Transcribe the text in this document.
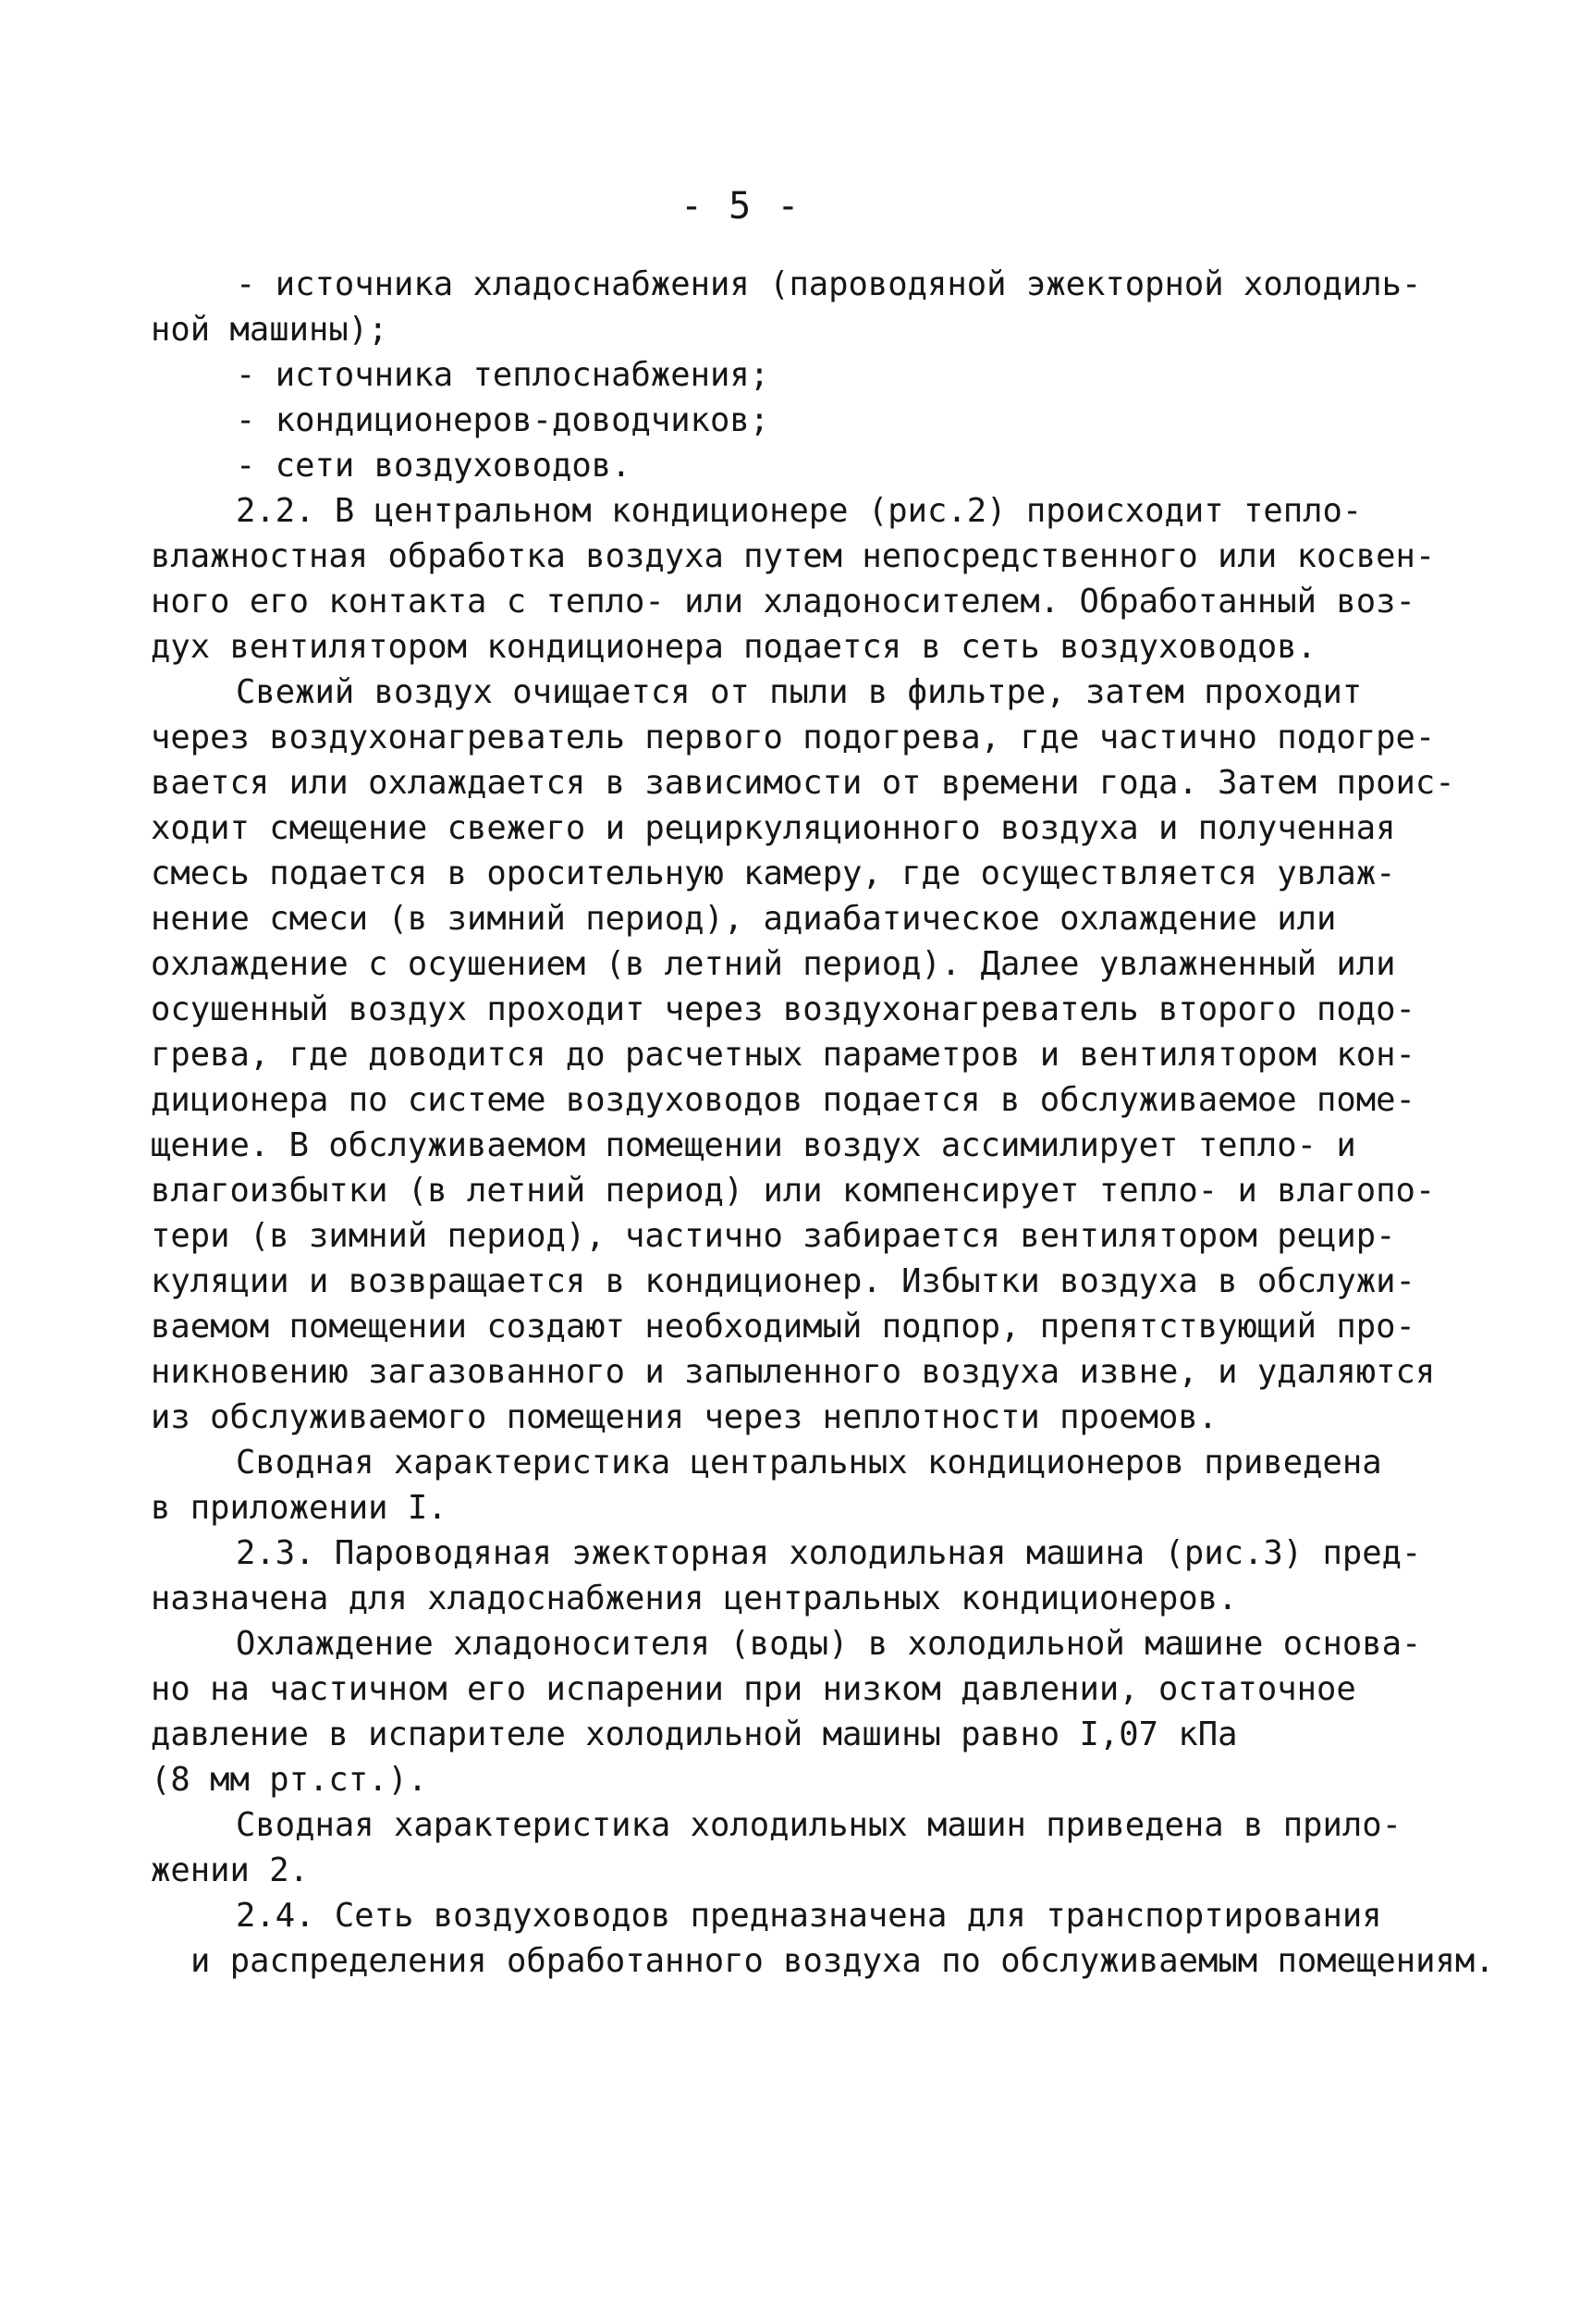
- 5 -
- источника хладоснабжения (пароводяной эжекторной холодиль-
ной машины);
- источника теплоснабжения;
- кондиционеров-доводчиков;
- сети воздуховодов.
2.2. В центральном кондиционере (рис.2) происходит тепло-
влажностная обработка воздуха путем непосредственного или косвен-
ного его контакта с тепло- или хладоносителем. Обработанный воз-
дух вентилятором кондиционера подается в сеть воздуховодов.
Свежий воздух очищается от пыли в фильтре, затем проходит
через воздухонагреватель первого подогрева, где частично подогре-
вается или охлаждается в зависимости от времени года. Затем проис-
ходит смещение свежего и рециркуляционного воздуха и полученная
смесь подается в оросительную камеру, где осуществляется увлаж-
нение смеси (в зимний период), адиабатическое охлаждение или
охлаждение с осушением (в летний период). Далее увлажненный или
осушенный воздух проходит через воздухонагреватель второго подо-
грева, где доводится до расчетных параметров и вентилятором кон-
диционера по системе воздуховодов подается в обслуживаемое поме-
щение. В обслуживаемом помещении воздух ассимилирует тепло- и
влагоизбытки (в летний период) или компенсирует тепло- и влагопо-
тери (в зимний период), частично забирается вентилятором рецир-
куляции и возвращается в кондиционер. Избытки воздуха в обслужи-
ваемом помещении создают необходимый подпор, препятствующий про-
никновению загазованного и запыленного воздуха извне, и удаляются
из обслуживаемого помещения через неплотности проемов.
Сводная характеристика центральных кондиционеров приведена
в приложении I.
2.3. Пароводяная эжекторная холодильная машина (рис.3) пред-
назначена для хладоснабжения центральных кондиционеров.
Охлаждение хладоносителя (воды) в холодильной машине основа-
но на частичном его испарении при низком давлении, остаточное
давление в испарителе холодильной машины равно I,07 кПа
(8 мм рт.ст.).
Сводная характеристика холодильных машин приведена в прило-
жении 2.
2.4. Сеть воздуховодов предназначена для транспортирования
и распределения обработанного воздуха по обслуживаемым помещениям.
